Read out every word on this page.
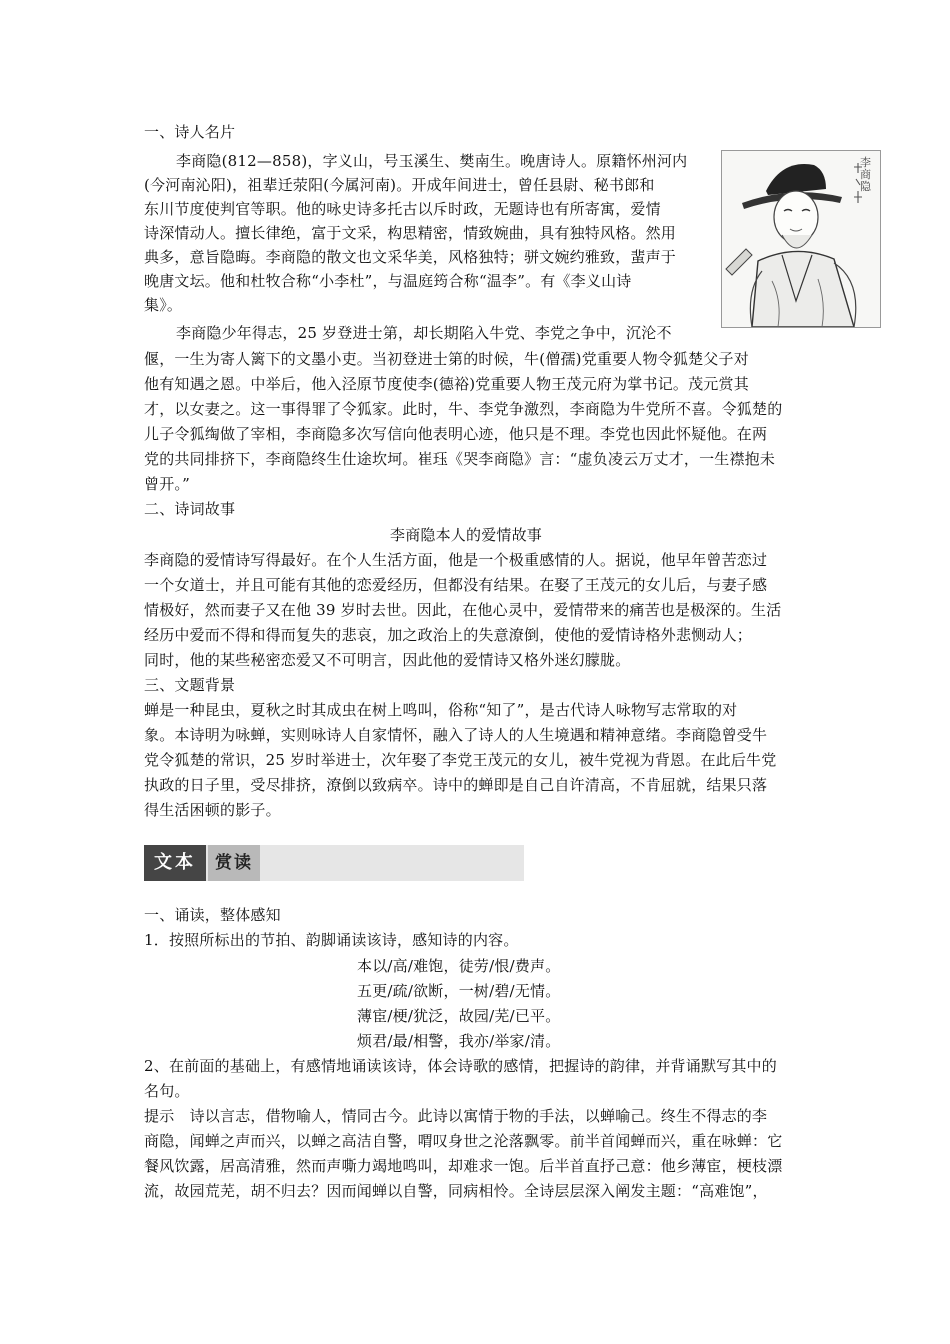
一、诗人名片
李商隐(812—858)，字义山，号玉溪生、樊南生。晚唐诗人。原籍怀州河内
(今河南沁阳)，祖辈迁荥阳(今属河南)。开成年间进士，曾任县尉、秘书郎和
东川节度使判官等职。他的咏史诗多托古以斥时政，无题诗也有所寄寓，爱情
诗深情动人。擅长律绝，富于文采，构思精密，情致婉曲，具有独特风格。然用
典多，意旨隐晦。李商隐的散文也文采华美，风格独特；骈文婉约雅致，蜚声于
晚唐文坛。他和杜牧合称“小李杜”，与温庭筠合称“温李”。有《李义山诗
集》。
李商隐少年得志，25 岁登进士第，却长期陷入牛党、李党之争中，沉沦不
偃，一生为寄人篱下的文墨小吏。当初登进士第的时候，牛(僧孺)党重要人物令狐楚父子对
他有知遇之恩。中举后，他入泾原节度使李(德裕)党重要人物王茂元府为掌书记。茂元赏其
才，以女妻之。这一事得罪了令狐家。此时，牛、李党争激烈，李商隐为牛党所不喜。令狐楚的
儿子令狐绹做了宰相，李商隐多次写信向他表明心迹，他只是不理。李党也因此怀疑他。在两
党的共同排挤下，李商隐终生仕途坎坷。崔珏《哭李商隐》言：“虚负凌云万丈才，一生襟抱未
曾开。”
李商隐
二、诗词故事
李商隐本人的爱情故事
李商隐的爱情诗写得最好。在个人生活方面，他是一个极重感情的人。据说，他早年曾苦恋过
一个女道士，并且可能有其他的恋爱经历，但都没有结果。在娶了王茂元的女儿后，与妻子感
情极好，然而妻子又在他 39 岁时去世。因此，在他心灵中，爱情带来的痛苦也是极深的。生活
经历中爱而不得和得而复失的悲哀，加之政治上的失意潦倒，使他的爱情诗格外悲恻动人；
同时，他的某些秘密恋爱又不可明言，因此他的爱情诗又格外迷幻朦胧。
三、文题背景
蝉是一种昆虫，夏秋之时其成虫在树上鸣叫，俗称“知了”，是古代诗人咏物写志常取的对
象。本诗明为咏蝉，实则咏诗人自家情怀，融入了诗人的人生境遇和精神意绪。李商隐曾受牛
党令狐楚的常识，25 岁时举进士，次年娶了李党王茂元的女儿，被牛党视为背恩。在此后牛党
执政的日子里，受尽排挤，潦倒以致病卒。诗中的蝉即是自己自许清高，不肯屈就，结果只落
得生活困顿的影子。
文本	赏读
一、诵读，整体感知
1．按照所标出的节拍、韵脚诵读该诗，感知诗的内容。
本以/高/难饱，徒劳/恨/费声。
五更/疏/欲断，一树/碧/无情。
薄宦/梗/犹泛，故园/芜/已平。
烦君/最/相警，我亦/举家/清。
2、在前面的基础上，有感情地诵读该诗，体会诗歌的感情，把握诗的韵律，并背诵默写其中的
名句。
提示　诗以言志，借物喻人，情同古今。此诗以寓情于物的手法，以蝉喻己。终生不得志的李
商隐，闻蝉之声而兴，以蝉之高洁自警，喟叹身世之沦落飘零。前半首闻蝉而兴，重在咏蝉：它
餐风饮露，居高清雅，然而声嘶力竭地鸣叫，却难求一饱。后半首直抒己意：他乡薄宦，梗枝漂
流，故园荒芜，胡不归去？因而闻蝉以自警，同病相怜。全诗层层深入阐发主题：“高难饱”，
